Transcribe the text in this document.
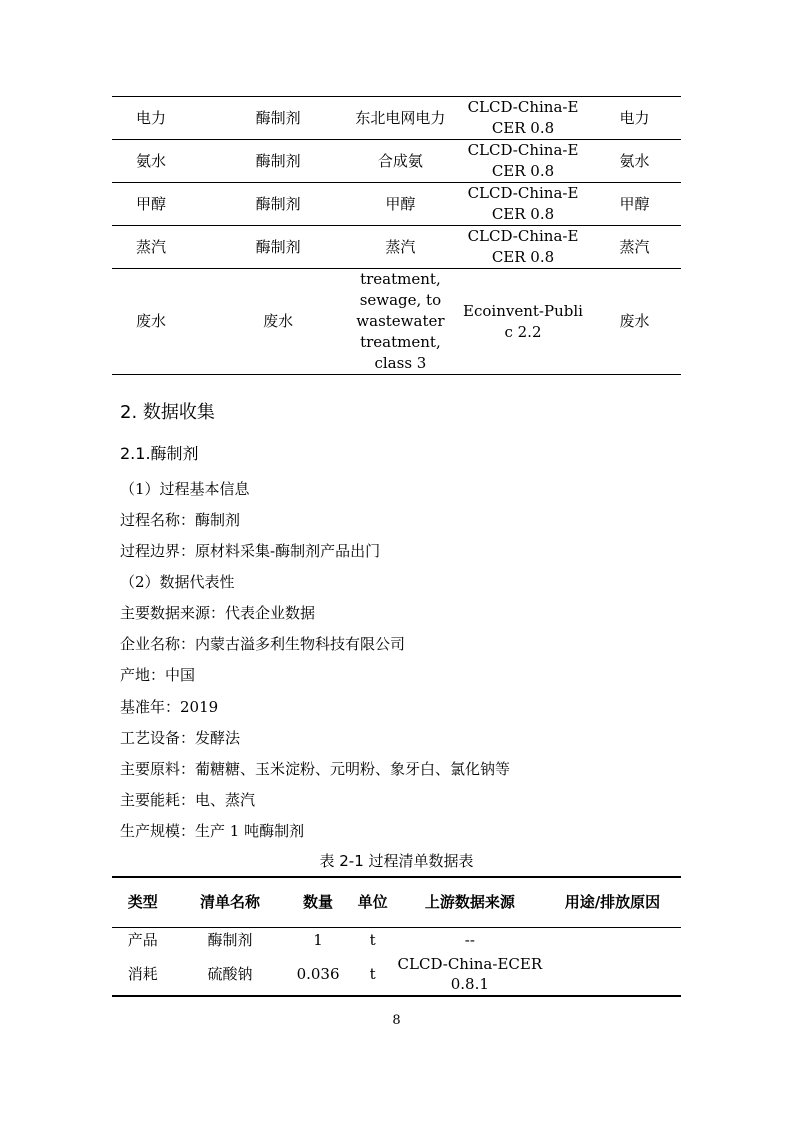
电力	酶制剂	东北电网电力	CLCD-China-E CER 0.8	电力
氨水	酶制剂	合成氨	CLCD-China-E CER 0.8	氨水
甲醇	酶制剂	甲醇	CLCD-China-E CER 0.8	甲醇
蒸汽	酶制剂	蒸汽	CLCD-China-E CER 0.8	蒸汽
废水	废水	treatment, sewage, to wastewater treatment, class 3	Ecoinvent-Publi c 2.2	废水
2. 数据收集
2.1.酶制剂
（1）过程基本信息
过程名称：酶制剂
过程边界：原材料采集-酶制剂产品出门
（2）数据代表性
主要数据来源：代表企业数据
企业名称：内蒙古溢多利生物科技有限公司
产地：中国
基准年：2019
工艺设备：发酵法
主要原料：葡糖糖、玉米淀粉、元明粉、象牙白、氯化钠等
主要能耗：电、蒸汽
生产规模：生产 1 吨酶制剂
表 2-1 过程清单数据表
类型	清单名称	数量	单位	上游数据来源	用途/排放原因
产品	酶制剂	1	t	--	
消耗	硫酸钠	0.036	t	CLCD-China-ECER 0.8.1	
8
